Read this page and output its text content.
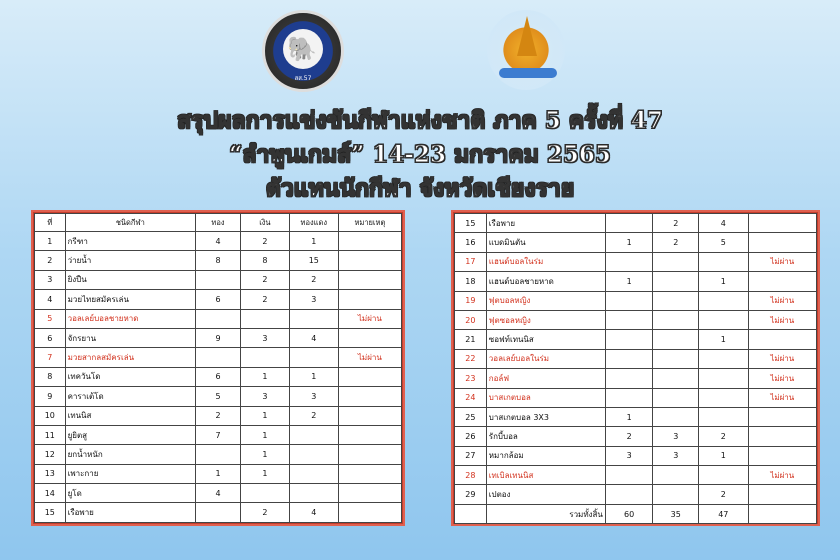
🐘
สส.57
สรุปผลการแข่งขันกีฬาแห่งชาติ ภาค 5 ครั้งที่ 47
“ลำพูนเกมส์” 14-23 มกราคม 2565
ตัวแทนนักกีฬา จังหวัดเชียงราย
ที่	ชนิดกีฬา	ทอง	เงิน	ทองแดง	หมายเหตุ
1	กรีฑา	4	2	1	
2	ว่ายน้ำ	8	8	15	
3	ยิงปืน		2	2	
4	มวยไทยสมัครเล่น	6	2	3	
5	วอลเลย์บอลชายหาด				ไม่ผ่าน
6	จักรยาน	9	3	4	
7	มวยสากลสมัครเล่น				ไม่ผ่าน
8	เทควันโด	6	1	1	
9	คาราเต้โด	5	3	3	
10	เทนนิส	2	1	2	
11	ยูยิตสู	7	1		
12	ยกน้ำหนัก		1		
13	เพาะกาย	1	1		
14	ยูโด	4			
15	เรือพาย		2	4	
15	เรือพาย		2	4	
16	แบดมินตัน	1	2	5	
17	แฮนด์บอลในร่ม				ไม่ผ่าน
18	แฮนด์บอลชายหาด	1		1	
19	ฟุตบอลหญิง				ไม่ผ่าน
20	ฟุตซอลหญิง				ไม่ผ่าน
21	ซอฟท์เทนนิส			1	
22	วอลเลย์บอลในร่ม				ไม่ผ่าน
23	กอล์ฟ				ไม่ผ่าน
24	บาสเกตบอล				ไม่ผ่าน
25	บาสเกตบอล 3X3	1			
26	รักบี้บอล	2	3	2	
27	หมากล้อม	3	3	1	
28	เทเบิลเทนนิส				ไม่ผ่าน
29	เปตอง			2	
	รวมทั้งสิ้น	60	35	47	
